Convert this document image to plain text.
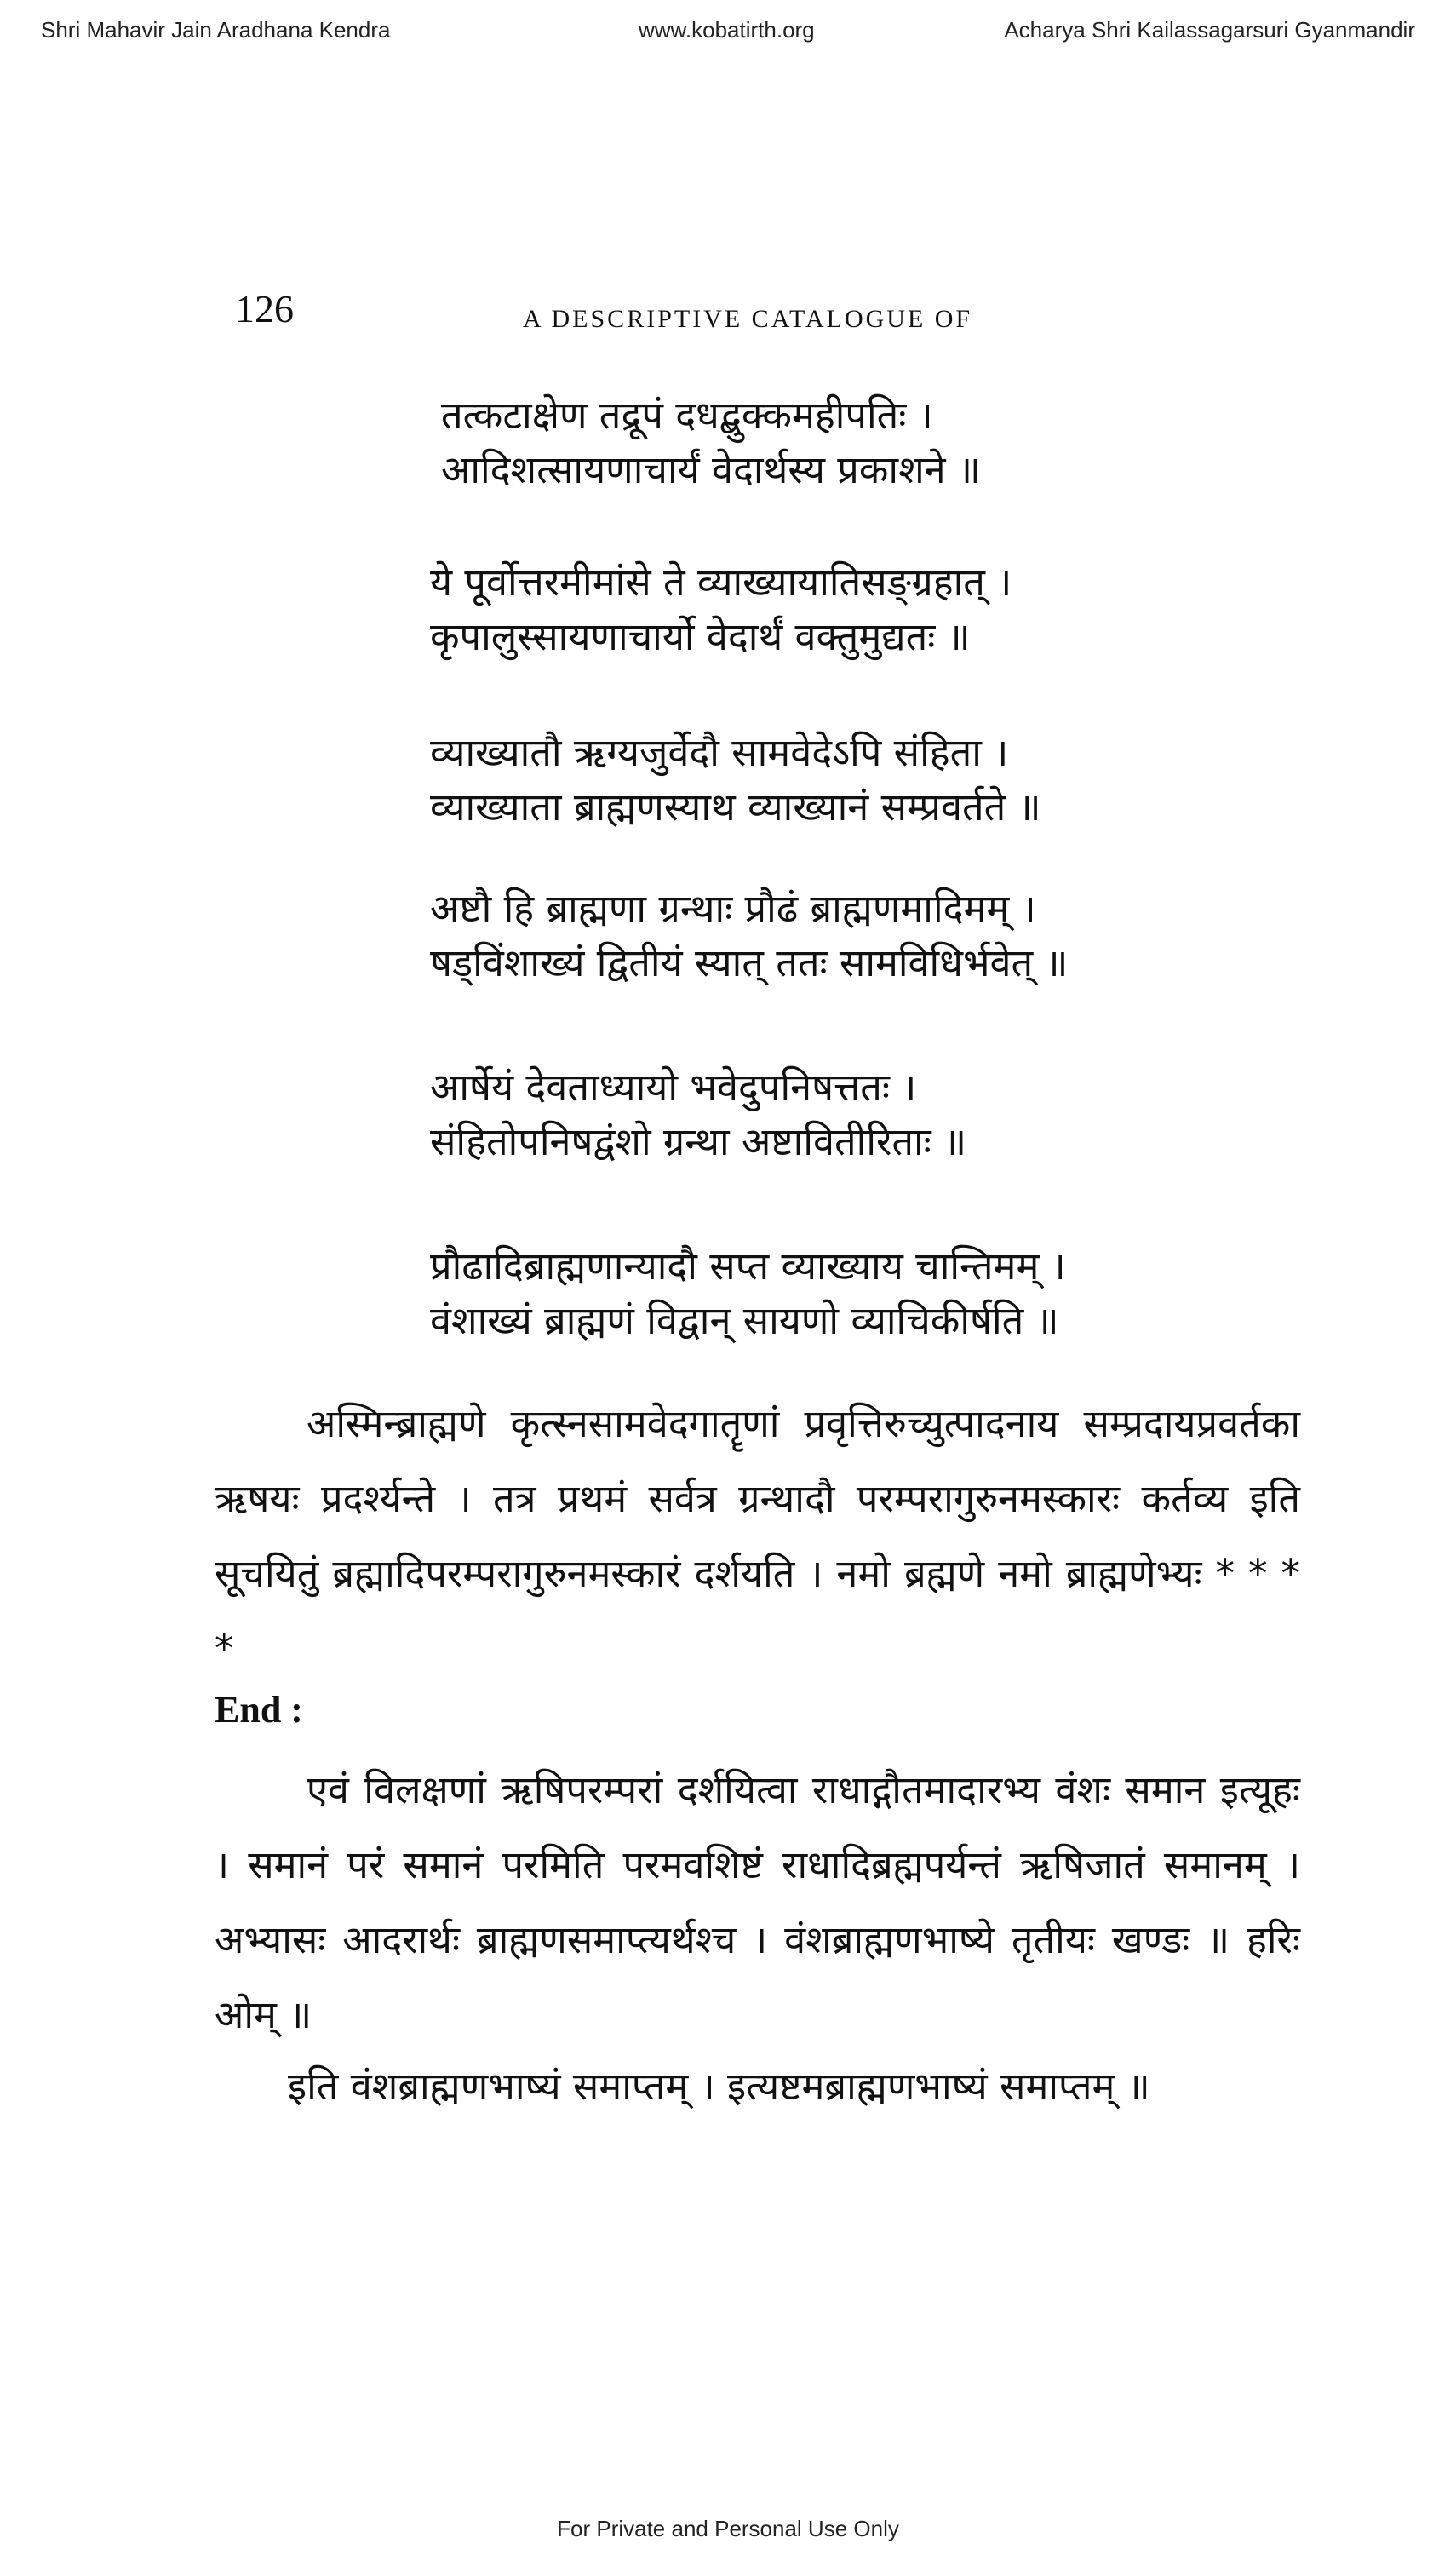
Shri Mahavir Jain Aradhana Kendra	www.kobatirth.org	Acharya Shri Kailassagarsuri Gyanmandir
126	A DESCRIPTIVE CATALOGUE OF
तत्कटाक्षेण तद्रूपं दधद्बुक्कमहीपतिः ।
आदिशत्सायणाचार्यं वेदार्थस्य प्रकाशने ॥
ये पूर्वोत्तरमीमांसे ते व्याख्यायातिसङ्ग्रहात् ।
कृपालुस्सायणाचार्यो वेदार्थं वक्तुमुद्यतः ॥
व्याख्यातौ ऋग्यजुर्वेदौ सामवेदेऽपि संहिता ।
व्याख्याता ब्राह्मणस्याथ व्याख्यानं सम्प्रवर्तते ॥
अष्टौ हि ब्राह्मणा ग्रन्थाः प्रौढं ब्राह्मणमादिमम् ।
षड्विंशाख्यं द्वितीयं स्यात् ततः सामविधिर्भवेत् ॥
आर्षेयं देवताध्यायो भवेदुपनिषत्ततः ।
संहितोपनिषद्वंशो ग्रन्था अष्टावितीरिताः ॥
प्रौढादिब्राह्मणान्यादौ सप्त व्याख्याय चान्तिमम् ।
वंशाख्यं ब्राह्मणं विद्वान् सायणो व्याचिकीर्षति ॥
अस्मिन्ब्राह्मणे कृत्स्नसामवेदगातॄणां प्रवृत्तिरुच्युत्पादनाय सम्प्रदायप्रवर्तका ऋषयः प्रदर्श्यन्ते । तत्र प्रथमं सर्वत्र ग्रन्थादौ परम्परागुरुनमस्कारः कर्तव्य इति सूचयितुं ब्रह्मादिपरम्परागुरुनमस्कारं दर्शयति । नमो ब्रह्मणे नमो ब्राह्मणेभ्यः * * * *
End :
एवं विलक्षणां ऋषिपरम्परां दर्शयित्वा राधाद्गौतमादारभ्य वंशः समान इत्यूहः । समानं परं समानं परमिति परमवशिष्टं राधादिब्रह्मपर्यन्तं ऋषिजातं समानम् । अभ्यासः आदरार्थः ब्राह्मणसमाप्त्यर्थश्च । वंशब्राह्मणभाष्ये तृतीयः खण्डः ॥ हरिः ओम् ॥
इति वंशब्राह्मणभाष्यं समाप्तम् । इत्यष्टमब्राह्मणभाष्यं समाप्तम् ॥
For Private and Personal Use Only
